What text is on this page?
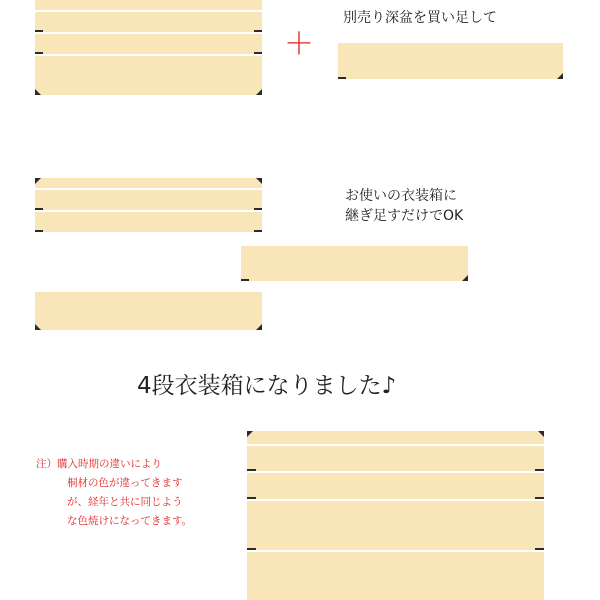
＋
別売り深盆を買い足して
お使いの衣装箱に
継ぎ足すだけでOK
4段衣装箱になりました♪
注）購入時期の違いにより
桐材の色が違ってきます
が、経年と共に同じよう
な色焼けになってきます。
